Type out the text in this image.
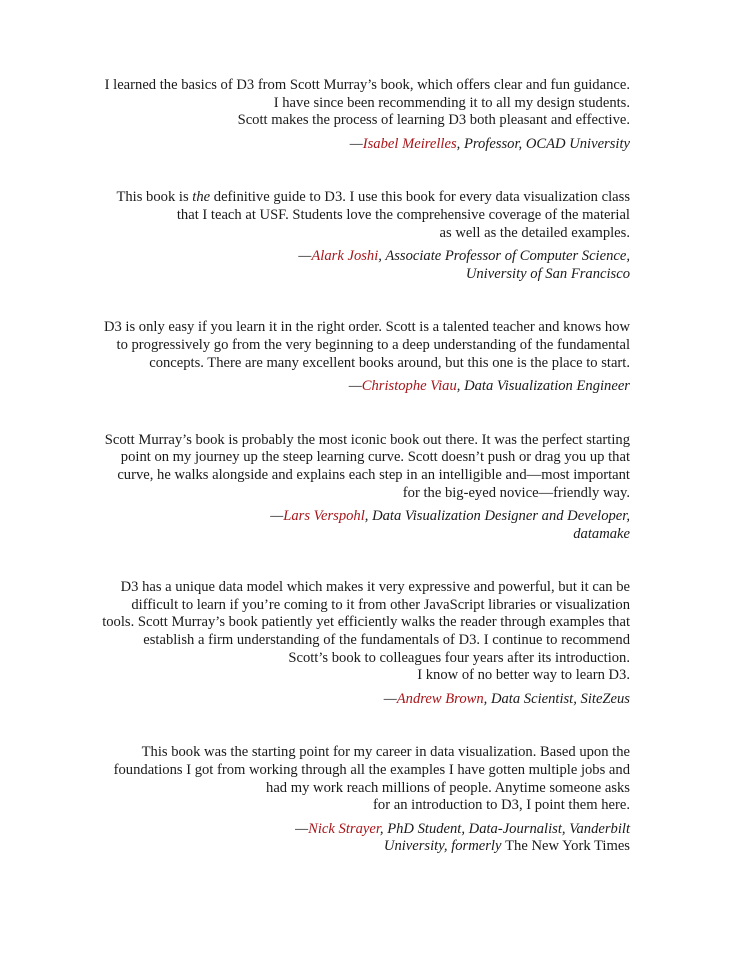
I learned the basics of D3 from Scott Murray’s book, which offers clear and fun guidance.
I have since been recommending it to all my design students.
Scott makes the process of learning D3 both pleasant and effective.

—Isabel Meirelles, Professor, OCAD University

This book is the definitive guide to D3. I use this book for every data visualization class
that I teach at USF. Students love the comprehensive coverage of the material
as well as the detailed examples.

—Alark Joshi, Associate Professor of Computer Science,
University of San Francisco

D3 is only easy if you learn it in the right order. Scott is a talented teacher and knows how
to progressively go from the very beginning to a deep understanding of the fundamental
concepts. There are many excellent books around, but this one is the place to start.

—Christophe Viau, Data Visualization Engineer

Scott Murray’s book is probably the most iconic book out there. It was the perfect starting
point on my journey up the steep learning curve. Scott doesn’t push or drag you up that
curve, he walks alongside and explains each step in an intelligible and—most important
for the big-eyed novice—friendly way.

—Lars Verspohl, Data Visualization Designer and Developer,
datamake

D3 has a unique data model which makes it very expressive and powerful, but it can be
difficult to learn if you’re coming to it from other JavaScript libraries or visualization
tools. Scott Murray’s book patiently yet efficiently walks the reader through examples that
establish a firm understanding of the fundamentals of D3. I continue to recommend
Scott’s book to colleagues four years after its introduction.
I know of no better way to learn D3.

—Andrew Brown, Data Scientist, SiteZeus

This book was the starting point for my career in data visualization. Based upon the
foundations I got from working through all the examples I have gotten multiple jobs and
had my work reach millions of people. Anytime someone asks
for an introduction to D3, I point them here.

—Nick Strayer, PhD Student, Data-Journalist, Vanderbilt
University, formerly The New York Times
